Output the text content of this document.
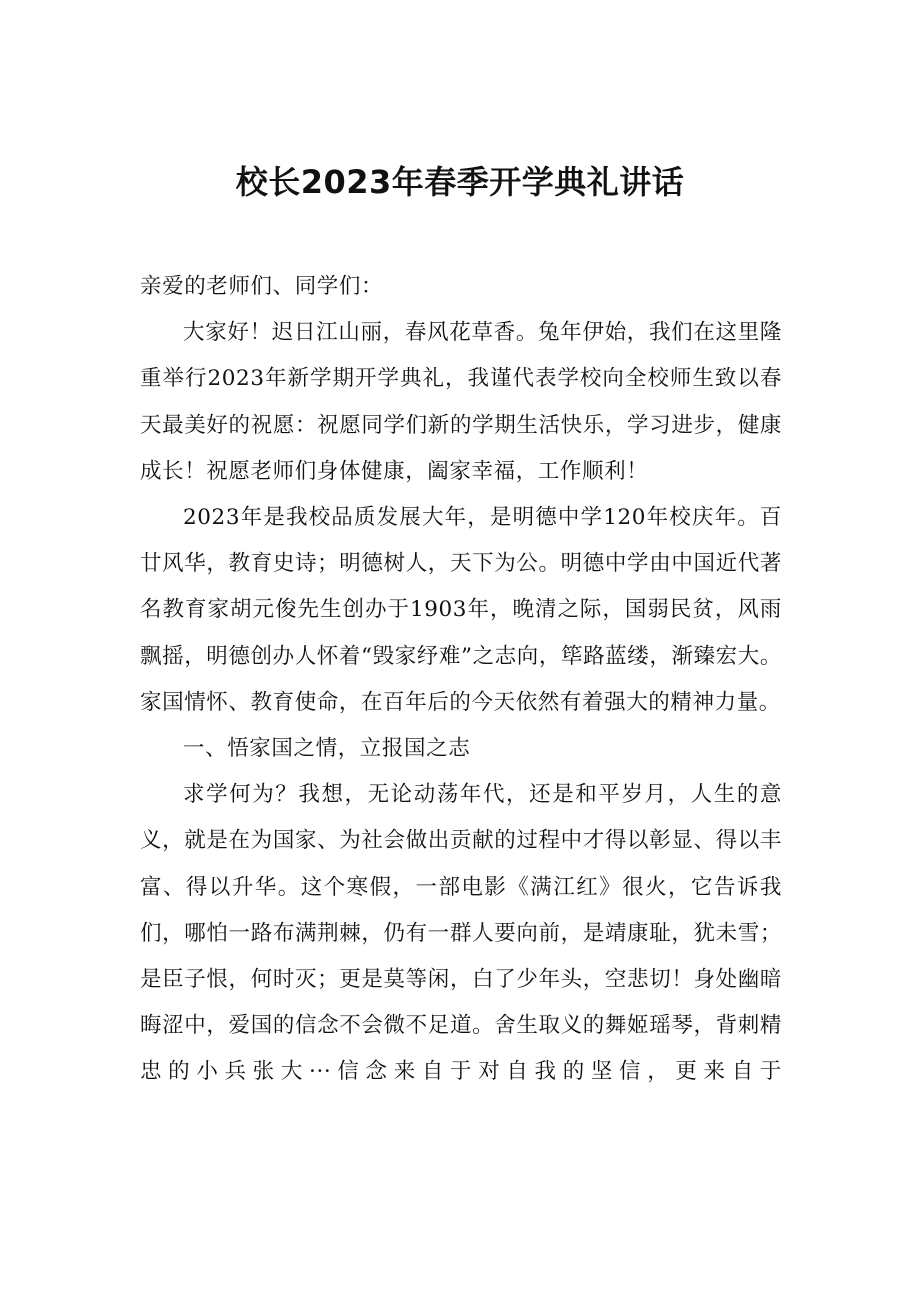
校长2023年春季开学典礼讲话

亲爱的老师们、同学们：

大家好！迟日江山丽，春风花草香。兔年伊始，我们在这里隆重举行2023年新学期开学典礼，我谨代表学校向全校师生致以春天最美好的祝愿：祝愿同学们新的学期生活快乐，学习进步，健康成长！祝愿老师们身体健康，阖家幸福，工作顺利！

2023年是我校品质发展大年，是明德中学120年校庆年。百廿风华，教育史诗；明德树人，天下为公。明德中学由中国近代著名教育家胡元俊先生创办于1903年，晚清之际，国弱民贫，风雨飘摇，明德创办人怀着“毁家纾难”之志向，筚路蓝缕，渐臻宏大。家国情怀、教育使命，在百年后的今天依然有着强大的精神力量。

一、悟家国之情，立报国之志

求学何为？我想，无论动荡年代，还是和平岁月，人生的意义，就是在为国家、为社会做出贡献的过程中才得以彰显、得以丰富、得以升华。这个寒假，一部电影《满江红》很火，它告诉我们，哪怕一路布满荆棘，仍有一群人要向前，是靖康耻，犹未雪；是臣子恨，何时灭；更是莫等闲，白了少年头，空悲切！身处幽暗晦涩中，爱国的信念不会微不足道。舍生取义的舞姬瑶琴，背刺精忠的小兵张大···信念来自于对自我的坚信，更来自于
